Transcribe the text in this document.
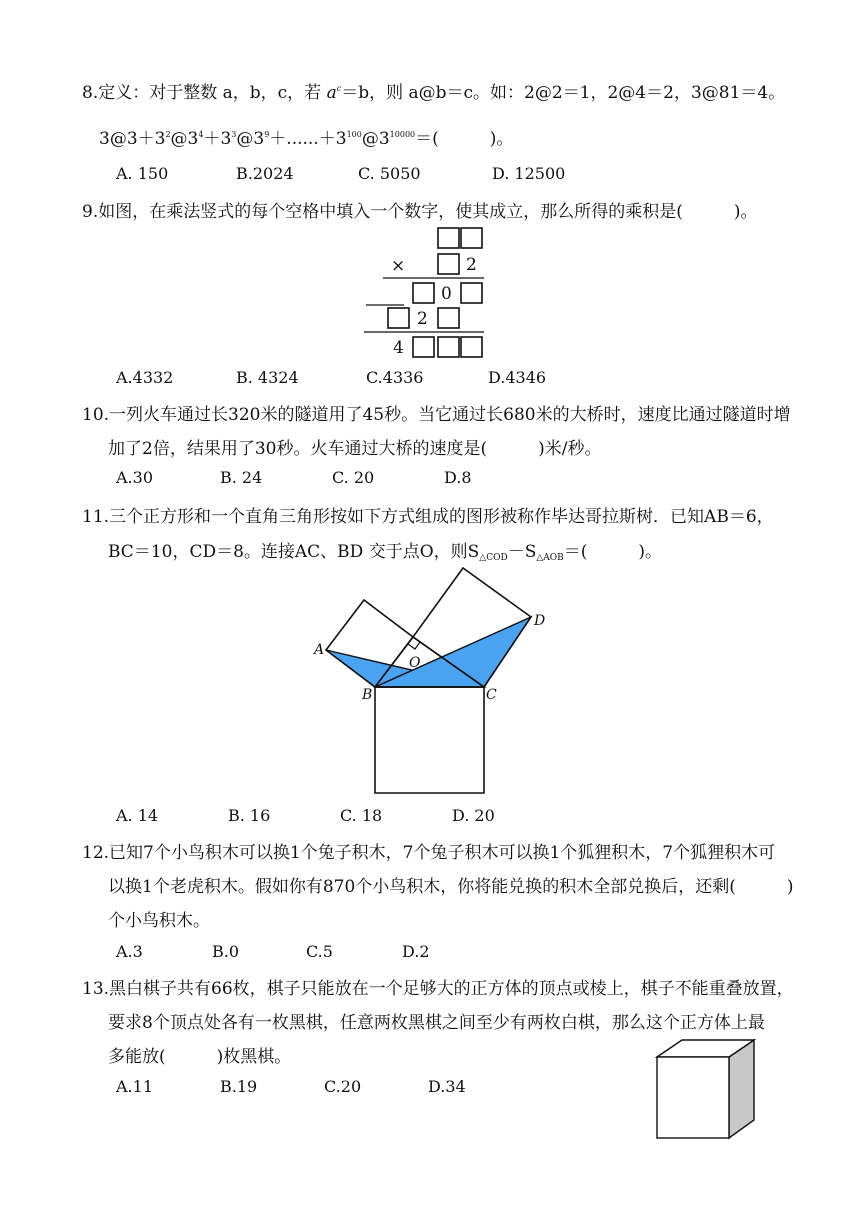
8.定义：对于整数 a，b，c，若 $a^c=b$，则 a@b＝c。如：2@2＝1，2@4＝2，3@81＝4。
$3@3+3^2@3^4+3^3@3^9+......+3^{100}@3^{10000}=$(　　　)。
A. 150	B.2024	C. 5050	D. 12500
9.如图，在乘法竖式的每个空格中填入一个数字，使其成立，那么所得的乘积是(　　　)。
×	2
0
2
4
A.4332	B. 4324	C.4336	D.4346
10.一列火车通过长320米的隧道用了45秒。当它通过长680米的大桥时，速度比通过隧道时增
加了2倍，结果用了30秒。火车通过大桥的速度是(　　　)米/秒。
A.30	B. 24	C. 20	D.8
11.三个正方形和一个直角三角形按如下方式组成的图形被称作毕达哥拉斯树．已知AB＝6，
BC＝10，CD＝8。连接AC、BD 交于点O，则$S_{\triangle COD}-S_{\triangle AOB}=$(　　　)。
A
B	C
D
O
A. 14	B. 16	C. 18	D. 20
12.已知7个小鸟积木可以换1个兔子积木，7个兔子积木可以换1个狐狸积木，7个狐狸积木可
以换1个老虎积木。假如你有870个小鸟积木，你将能兑换的积木全部兑换后，还剩(　　　)
个小鸟积木。
A.3	B.0	C.5	D.2
13.黑白棋子共有66枚，棋子只能放在一个足够大的正方体的顶点或棱上，棋子不能重叠放置，
要求8个顶点处各有一枚黑棋，任意两枚黑棋之间至少有两枚白棋，那么这个正方体上最
多能放(　　　)枚黑棋。
A.11	B.19	C.20	D.34
